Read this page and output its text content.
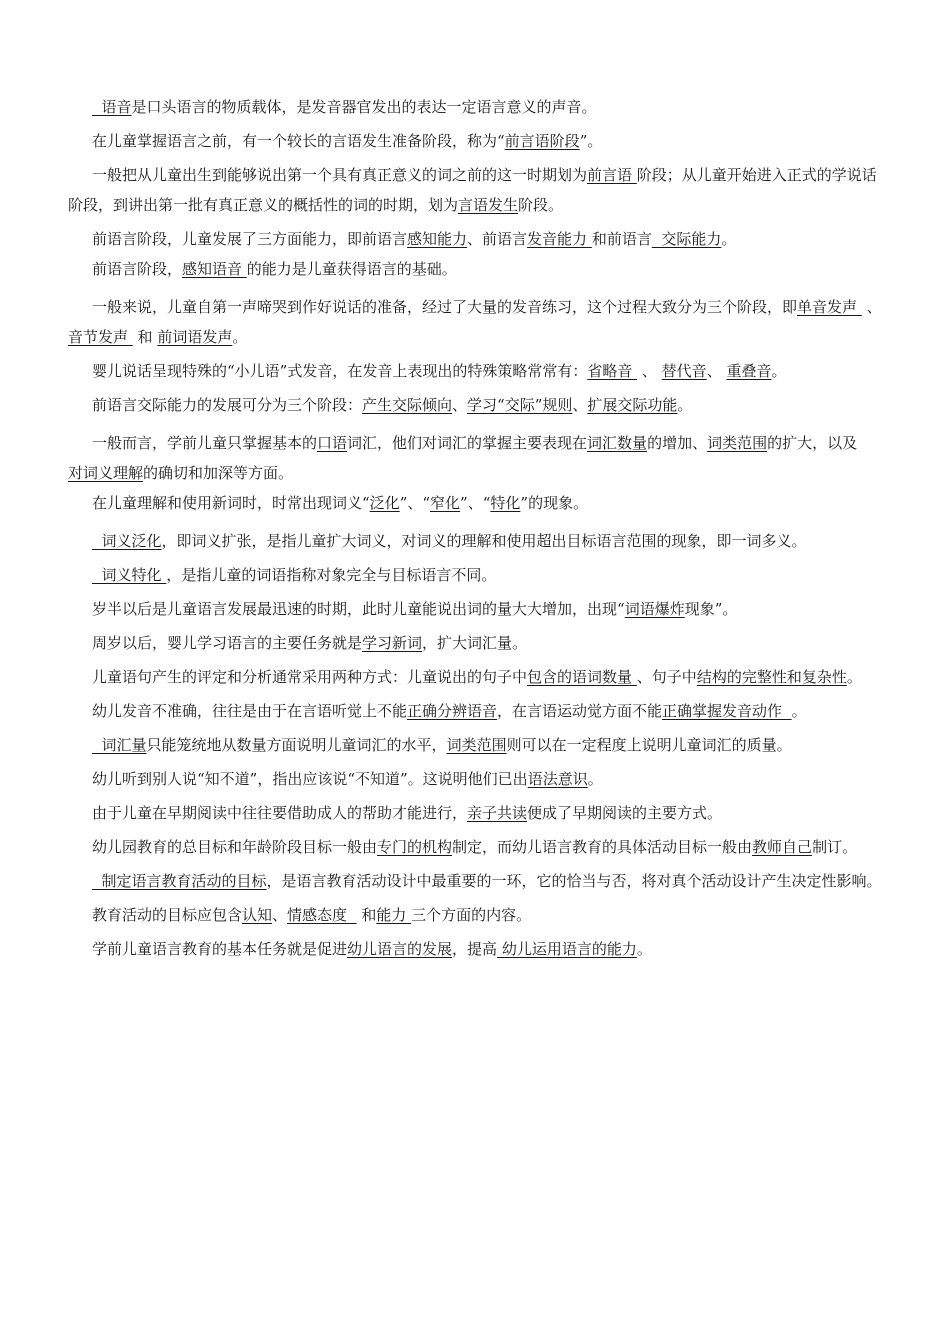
语音是口头语言的物质载体，是发音器官发出的表达一定语言意义的声音。

在儿童掌握语言之前，有一个较长的言语发生准备阶段，称为“前言语阶段”。

一般把从儿童出生到能够说出第一个具有真正意义的词之前的这一时期划为前言语 阶段；从儿童开始进入正式的学说话阶段，到讲出第一批有真正意义的概括性的词的时期，划为言语发生阶段。

前语言阶段，儿童发展了三方面能力，即前语言感知能力、前语言发音能力 和前语言  交际能力。

前语言阶段，感知语音 的能力是儿童获得语言的基础。

一般来说，儿童自第一声啼哭到作好说话的准备，经过了大量的发音练习，这个过程大致分为三个阶段，即单音发声  、 音节发声  和 前词语发声。

婴儿说话呈现特殊的“小儿语”式发音，在发音上表现出的特殊策略常常有：省略音  、 替代音、 重叠音。

前语言交际能力的发展可分为三个阶段：产生交际倾向、学习“交际”规则、扩展交际功能。

一般而言，学前儿童只掌握基本的口语词汇，他们对词汇的掌握主要表现在词汇数量的增加、词类范围的扩大，以及对词义理解的确切和加深等方面。

在儿童理解和使用新词时，时常出现词义“泛化”、“窄化”、“特化”的现象。

词义泛化，即词义扩张，是指儿童扩大词义，对词义的理解和使用超出目标语言范围的现象，即一词多义。

词义特化 ，是指儿童的词语指称对象完全与目标语言不同。

岁半以后是儿童语言发展最迅速的时期，此时儿童能说出词的量大大增加，出现“词语爆炸现象”。

周岁以后，婴儿学习语言的主要任务就是学习新词，扩大词汇量。

儿童语句产生的评定和分析通常采用两种方式：儿童说出的句子中包含的语词数量 、句子中结构的完整性和复杂性。

幼儿发音不准确，往往是由于在言语听觉上不能正确分辨语音，在言语运动觉方面不能正确掌握发音动作  。

词汇量只能笼统地从数量方面说明儿童词汇的水平，词类范围则可以在一定程度上说明儿童词汇的质量。

幼儿听到别人说“知不道”，指出应该说“不知道”。这说明他们已出语法意识。

由于儿童在早期阅读中往往要借助成人的帮助才能进行，亲子共读便成了早期阅读的主要方式。

幼儿园教育的总目标和年龄阶段目标一般由专门的机构制定，而幼儿语言教育的具体活动目标一般由教师自己制订。

制定语言教育活动的目标，是语言教育活动设计中最重要的一环，它的恰当与否，将对真个活动设计产生决定性影响。

教育活动的目标应包含认知、情感态度   和能力 三个方面的内容。

学前儿童语言教育的基本任务就是促进幼儿语言的发展，提高 幼儿运用语言的能力。
